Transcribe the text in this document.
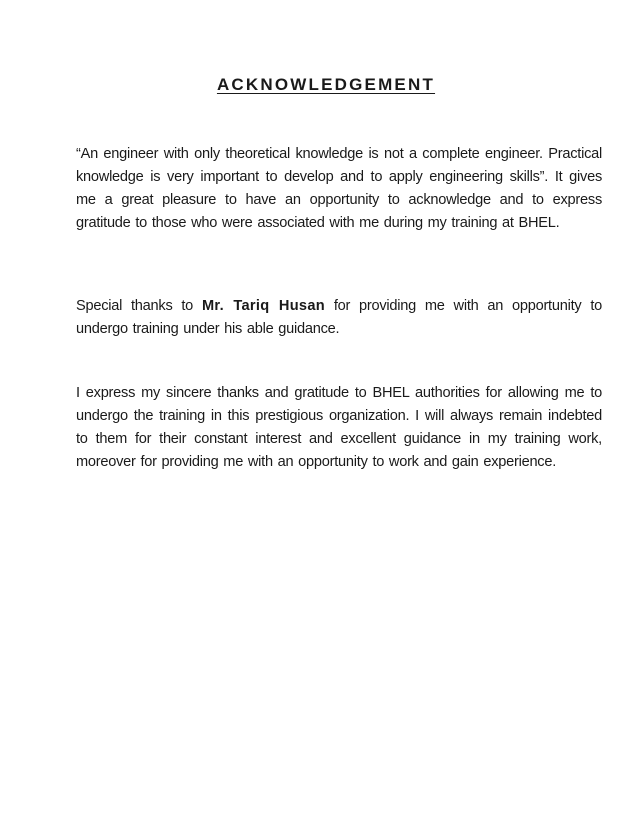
ACKNOWLEDGEMENT

“An engineer with only theoretical knowledge is not a complete engineer. Practical knowledge is very important to develop and to apply engineering skills”. It gives me a great pleasure to have an opportunity to acknowledge and to express gratitude to those who were associated with me during my training at BHEL.

Special thanks to Mr. Tariq Husan for providing me with an opportunity to undergo training under his able guidance.

I express my sincere thanks and gratitude to BHEL authorities for allowing me to undergo the training in this prestigious organization. I will always remain indebted to them for their constant interest and excellent guidance in my training work, moreover for providing me with an opportunity to work and gain experience.
